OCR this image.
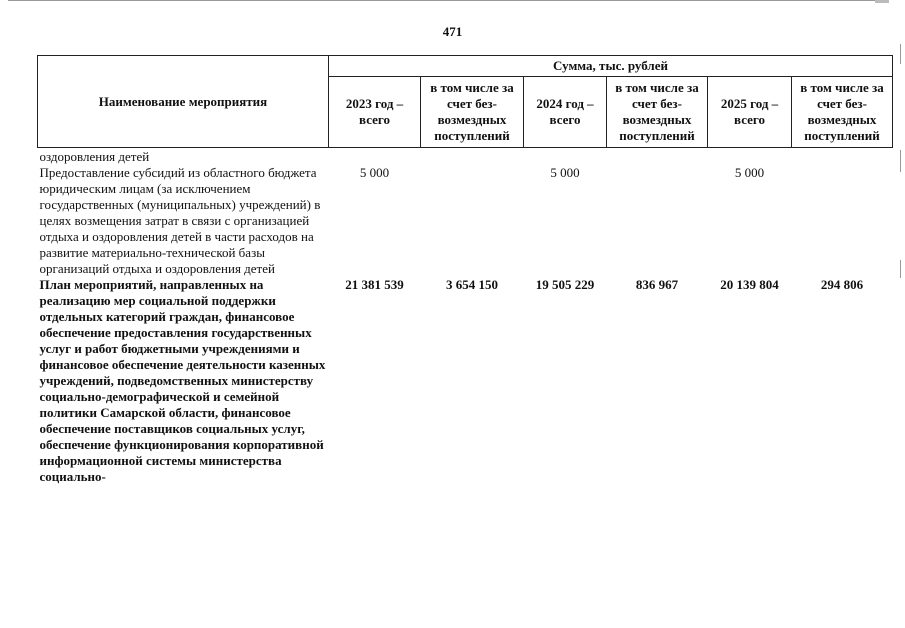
471
Наименование мероприятия	Сумма, тыс. рублей					
	2023 год – всего	в том числе за счет без-возмездных поступлений	2024 год – всего	в том числе за счет без-возмездных поступлений	2025 год – всего	в том числе за счет без-возмездных поступлений
оздоровления детей						
Предоставление субсидий из областного бюджета юридическим лицам (за исключением государственных (муниципальных) учреждений) в целях возмещения затрат в связи с организацией отдыха и оздоровления детей в части расходов на развитие материально-технической базы организаций отдыха и оздоровления детей	5 000		5 000		5 000	
План мероприятий, направленных на реализацию мер социальной поддержки отдельных категорий граждан, финансовое обеспечение предоставления государственных услуг и работ бюджетными учреждениями и финансовое обеспечение деятельности казенных учреждений, подведомственных министерству социально-демографической и семейной политики Самарской области, финансовое обеспечение поставщиков социальных услуг, обеспечение функционирования корпоративной информационной системы министерства социально-	21 381 539	3 654 150	19 505 229	836 967	20 139 804	294 806
